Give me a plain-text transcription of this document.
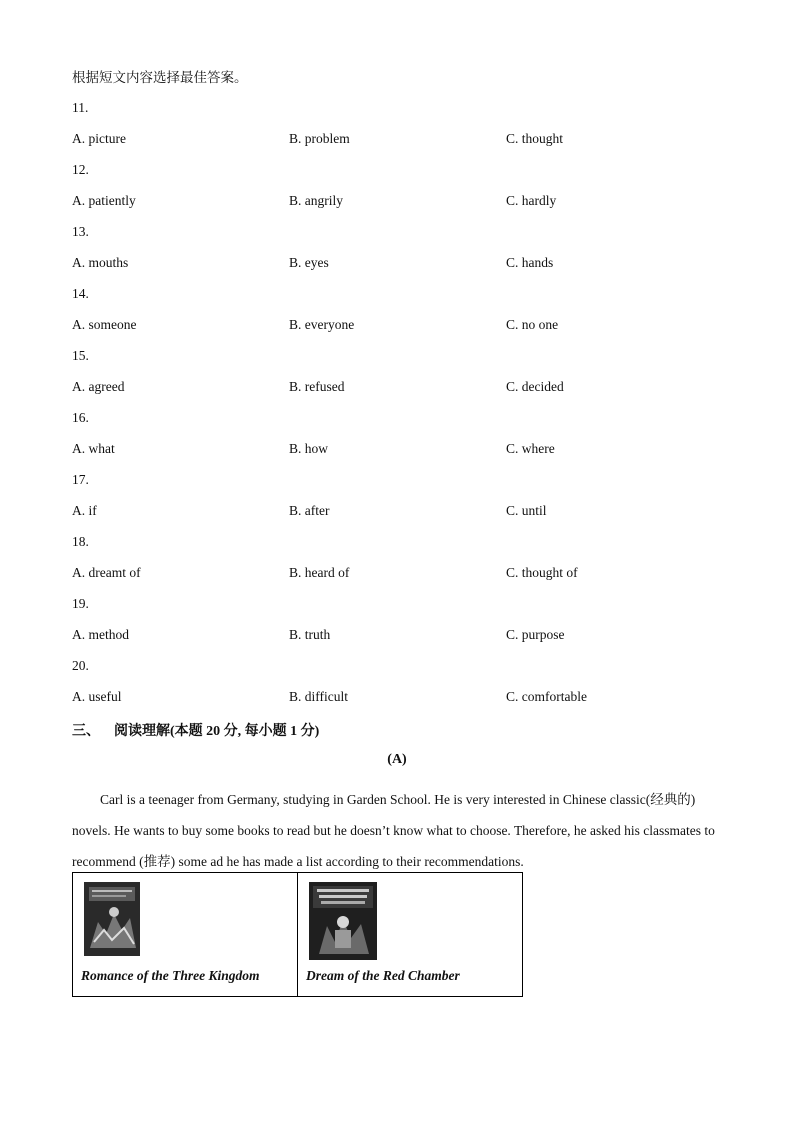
根据短文内容选择最佳答案。
11.
A. picture	B. problem	C. thought
12.
A. patiently	B. angrily	C. hardly
13.
A. mouths	B. eyes	C. hands
14.
A. someone	B. everyone	C. no one
15.
A. agreed	B. refused	C. decided
16.
A. what	B. how	C. where
17.
A. if	B. after	C. until
18.
A. dreamt of	B. heard of	C. thought of
19.
A. method	B. truth	C. purpose
20.
A. useful	B. difficult	C. comfortable
三、 阅读理解(本题 20 分, 每小题 1 分)
(A)

Carl is a teenager from Germany, studying in Garden School. He is very interested in Chinese classic(经典的) novels. He wants to buy some books to read but he doesn’t know what to choose. Therefore, he asked his classmates to recommend (推荐) some ad he has made a list according to their recommendations.

Romance of the Three Kingdom	Dream of the Red Chamber
